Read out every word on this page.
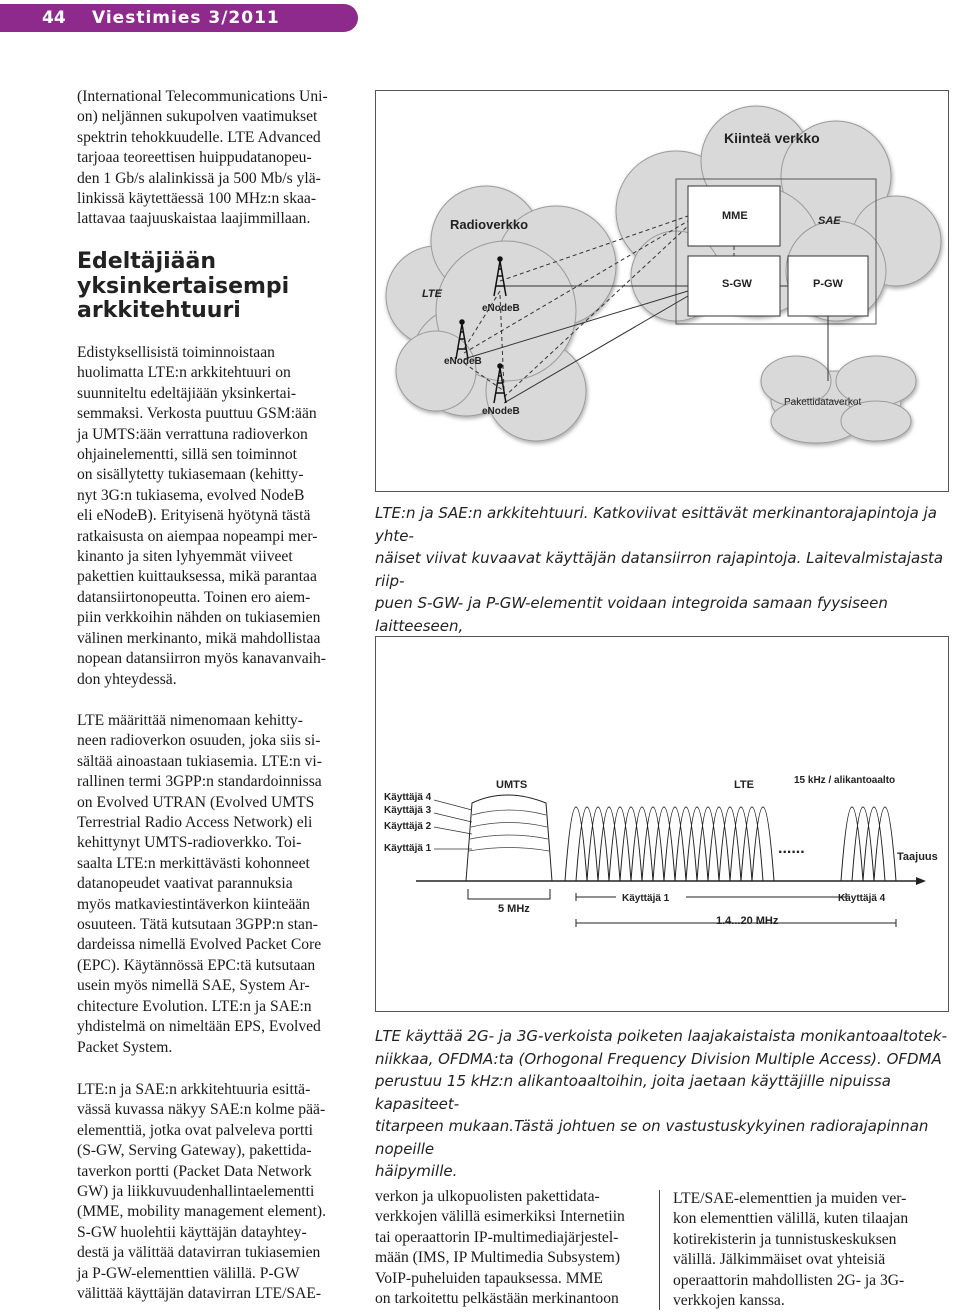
44 Viestimies 3/2011

(International Telecommunications Uni-
on) neljännen sukupolven vaatimukset
spektrin tehokkuudelle. LTE Advanced
tarjoaa teoreettisen huippudatanopeu-
den 1 Gb/s alalinkissä ja 500 Mb/s ylä-
linkissä käytettäessä 100 MHz:n skaa-
lattavaa taajuuskaistaa laajimmillaan.

Edeltäjiään
yksinkertaisempi
arkkitehtuuri

Edistyksellisistä toiminnoistaan
huolimatta LTE:n arkkitehtuuri on
suunniteltu edeltäjiään yksinkertai-
semmaksi. Verkosta puuttuu GSM:ään
ja UMTS:ään verrattuna radioverkon
ohjainelementti, sillä sen toiminnot
on sisällytetty tukiasemaan (kehitty-
nyt 3G:n tukiasema, evolved NodeB
eli eNodeB). Erityisenä hyötynä tästä
ratkaisusta on aiempaa nopeampi mer-
kinanto ja siten lyhyemmät viiveet
pakettien kuittauksessa, mikä parantaa
datansiirtonopeutta. Toinen ero aiem-
piin verkkoihin nähden on tukiasemien
välinen merkinanto, mikä mahdollistaa
nopean datansiirron myös kanavanvaih-
don yhteydessä.

LTE määrittää nimenomaan kehitty-
neen radioverkon osuuden, joka siis si-
sältää ainoastaan tukiasemia. LTE:n vi-
rallinen termi 3GPP:n standardoinnissa
on Evolved UTRAN (Evolved UMTS
Terrestrial Radio Access Network) eli
kehittynyt UMTS-radioverkko. Toi-
saalta LTE:n merkittävästi kohonneet
datanopeudet vaativat parannuksia
myös matkaviestintäverkon kiinteään
osuuteen. Tätä kutsutaan 3GPP:n stan-
dardeissa nimellä Evolved Packet Core
(EPC). Käytännössä EPC:tä kutsutaan
usein myös nimellä SAE, System Ar-
chitecture Evolution. LTE:n ja SAE:n
yhdistelmä on nimeltään EPS, Evolved
Packet System.

LTE:n ja SAE:n arkkitehtuuria esittä-
vässä kuvassa näkyy SAE:n kolme pää-
elementtiä, jotka ovat palveleva portti
(S-GW, Serving Gateway), pakettida-
taverkon portti (Packet Data Network
GW) ja liikkuvuudenhallintaelementti
(MME, mobility management element).
S-GW huolehtii käyttäjän datayhtey-
destä ja välittää datavirran tukiasemien
ja P-GW-elementtien välillä. P-GW
välittää käyttäjän datavirran LTE/SAE-

Kiinteä verkko
Radioverkko
MME	SAE
S-GW	P-GW
LTE
eNodeB
eNodeB
eNodeB
Pakettidataverkot

LTE:n ja SAE:n arkkitehtuuri. Katkoviivat esittävät merkinantorajapintoja ja yhte-
näiset viivat kuvaavat käyttäjän datansiirron rajapintoja. Laitevalmistajasta riip-
puen S-GW- ja P-GW-elementit voidaan integroida samaan fyysiseen laitteeseen,

UMTS	LTE	15 kHz / alikantoaalto
Käyttäjä 4
Käyttäjä 3
Käyttäjä 2
Käyttäjä 1
Taajuus
Käyttäjä 1	Käyttäjä 4
5 MHz
1.4...20 MHz
......

LTE käyttää 2G- ja 3G-verkoista poiketen laajakaistaista monikantoaaltotek-
niikkaa, OFDMA:ta (Orhogonal Frequency Division Multiple Access). OFDMA
perustuu 15 kHz:n alikantoaaltoihin, joita jaetaan käyttäjille nipuissa kapasiteet-
titarpeen mukaan.Tästä johtuen se on vastustuskykyinen radiorajapinnan nopeille
häipymille.

verkon ja ulkopuolisten pakettidata-
verkkojen välillä esimerkiksi Internetiin
tai operaattorin IP-multimediajärjestel-
mään (IMS, IP Multimedia Subsystem)
VoIP-puheluiden tapauksessa. MME
on tarkoitettu pelkästään merkinantoon

LTE/SAE-elementtien ja muiden ver-
kon elementtien välillä, kuten tilaajan
kotirekisterin ja tunnistuskeskuksen
välillä. Jälkimmäiset ovat yhteisiä
operaattorin mahdollisten 2G- ja 3G-
verkkojen kanssa.
